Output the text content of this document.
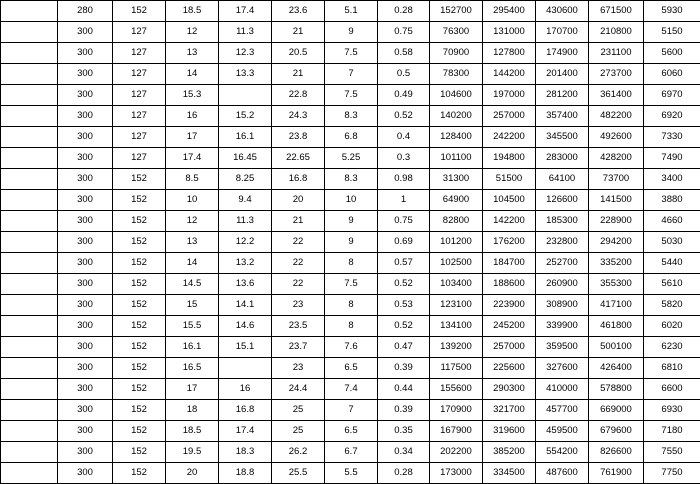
	280	152	18.5	17.4	23.6	5.1	0.28	152700	295400	430600	671500	5930
	300	127	12	11.3	21	9	0.75	76300	131000	170700	210800	5150
	300	127	13	12.3	20.5	7.5	0.58	70900	127800	174900	231100	5600
	300	127	14	13.3	21	7	0.5	78300	144200	201400	273700	6060
	300	127	15.3		22.8	7.5	0.49	104600	197000	281200	361400	6970
	300	127	16	15.2	24.3	8.3	0.52	140200	257000	357400	482200	6920
	300	127	17	16.1	23.8	6.8	0.4	128400	242200	345500	492600	7330
	300	127	17.4	16.45	22.65	5.25	0.3	101100	194800	283000	428200	7490
	300	152	8.5	8.25	16.8	8.3	0.98	31300	51500	64100	73700	3400
	300	152	10	9.4	20	10	1	64900	104500	126600	141500	3880
	300	152	12	11.3	21	9	0.75	82800	142200	185300	228900	4660
	300	152	13	12.2	22	9	0.69	101200	176200	232800	294200	5030
	300	152	14	13.2	22	8	0.57	102500	184700	252700	335200	5440
	300	152	14.5	13.6	22	7.5	0.52	103400	188600	260900	355300	5610
	300	152	15	14.1	23	8	0.53	123100	223900	308900	417100	5820
	300	152	15.5	14.6	23.5	8	0.52	134100	245200	339900	461800	6020
	300	152	16.1	15.1	23.7	7.6	0.47	139200	257000	359500	500100	6230
	300	152	16.5		23	6.5	0.39	117500	225600	327600	426400	6810
	300	152	17	16	24.4	7.4	0.44	155600	290300	410000	578800	6600
	300	152	18	16.8	25	7	0.39	170900	321700	457700	669000	6930
	300	152	18.5	17.4	25	6.5	0.35	167900	319600	459500	679600	7180
	300	152	19.5	18.3	26.2	6.7	0.34	202200	385200	554200	826600	7550
	300	152	20	18.8	25.5	5.5	0.28	173000	334500	487600	761900	7750
